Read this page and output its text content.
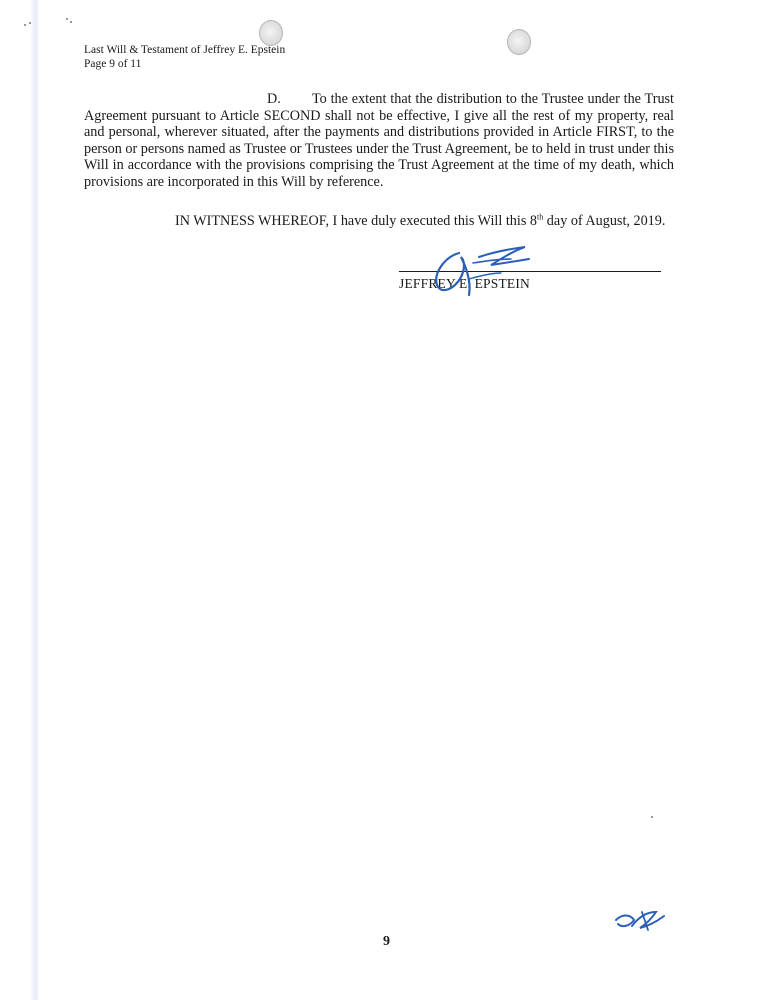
Last Will & Testament of Jeffrey E. Epstein
Page 9 of 11
D. To the extent that the distribution to the Trustee under the Trust Agreement pursuant to Article SECOND shall not be effective, I give all the rest of my property, real and personal, wherever situated, after the payments and distributions provided in Article FIRST, to the person or persons named as Trustee or Trustees under the Trust Agreement, be to held in trust under this Will in accordance with the provisions comprising the Trust Agreement at the time of my death, which provisions are incorporated in this Will by reference.
IN WITNESS WHEREOF, I have duly executed this Will this 8th day of August, 2019.
JEFFREY E. EPSTEIN
9
